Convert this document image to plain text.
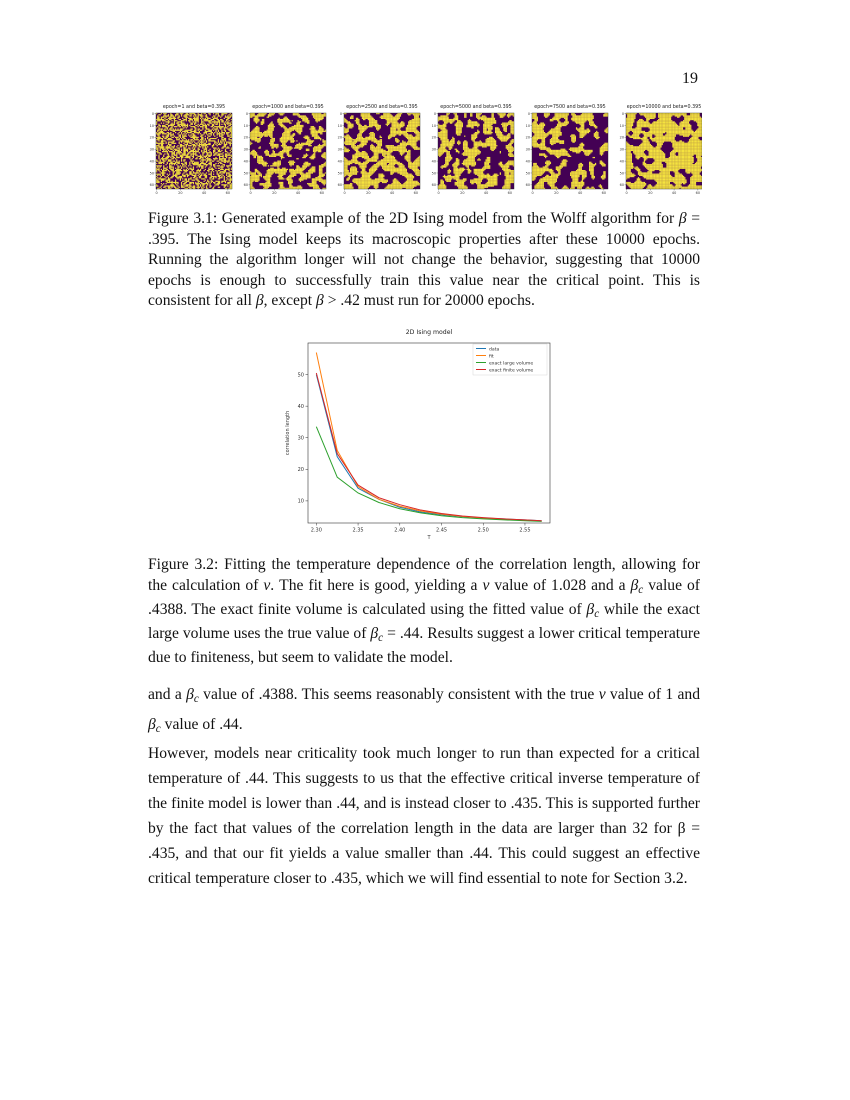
19
epoch=1 and beta=0.395
0
10
20
30
40
50
60
0	20	40	60
epoch=1000 and beta=0.395
0
10
20
30
40
50
60
0	20	40	60
epoch=2500 and beta=0.395
0
10
20
30
40
50
60
0	20	40	60
epoch=5000 and beta=0.395
0
10
20
30
40
50
60
0	20	40	60
epoch=7500 and beta=0.395
0
10
20
30
40
50
60
0	20	40	60
epoch=10000 and beta=0.395
0
10
20
30
40
50
60
0	20	40	60
Figure 3.1: Generated example of the 2D Ising model from the Wolff algorithm for β = .395. The Ising model keeps its macroscopic properties after these 10000 epochs. Running the algorithm longer will not change the behavior, suggesting that 10000 epochs is enough to successfully train this value near the critical point. This is consistent for all β, except β > .42 must run for 20000 epochs.
2D Ising model
2.30	2.35	2.40	2.45	2.50	2.55
10
20
30
40
50
T
correlation length
data
fit
exact large volume
exact finite volume
Figure 3.2: Fitting the temperature dependence of the correlation length, allowing for the calculation of ν. The fit here is good, yielding a ν value of 1.028 and a $\beta_c$ value of .4388. The exact finite volume is calculated using the fitted value of $\beta_c$ while the exact large volume uses the true value of $\beta_c = .44$. Results suggest a lower critical temperature due to finiteness, but seem to validate the model.
and a $\beta_c$ value of .4388. This seems reasonably consistent with the true ν value of 1 and $\beta_c$ value of .44.
However, models near criticality took much longer to run than expected for a critical temperature of .44. This suggests to us that the effective critical inverse temperature of the finite model is lower than .44, and is instead closer to .435. This is supported further by the fact that values of the correlation length in the data are larger than 32 for β = .435, and that our fit yields a value smaller than .44. This could suggest an effective critical temperature closer to .435, which we will find essential to note for Section 3.2.
